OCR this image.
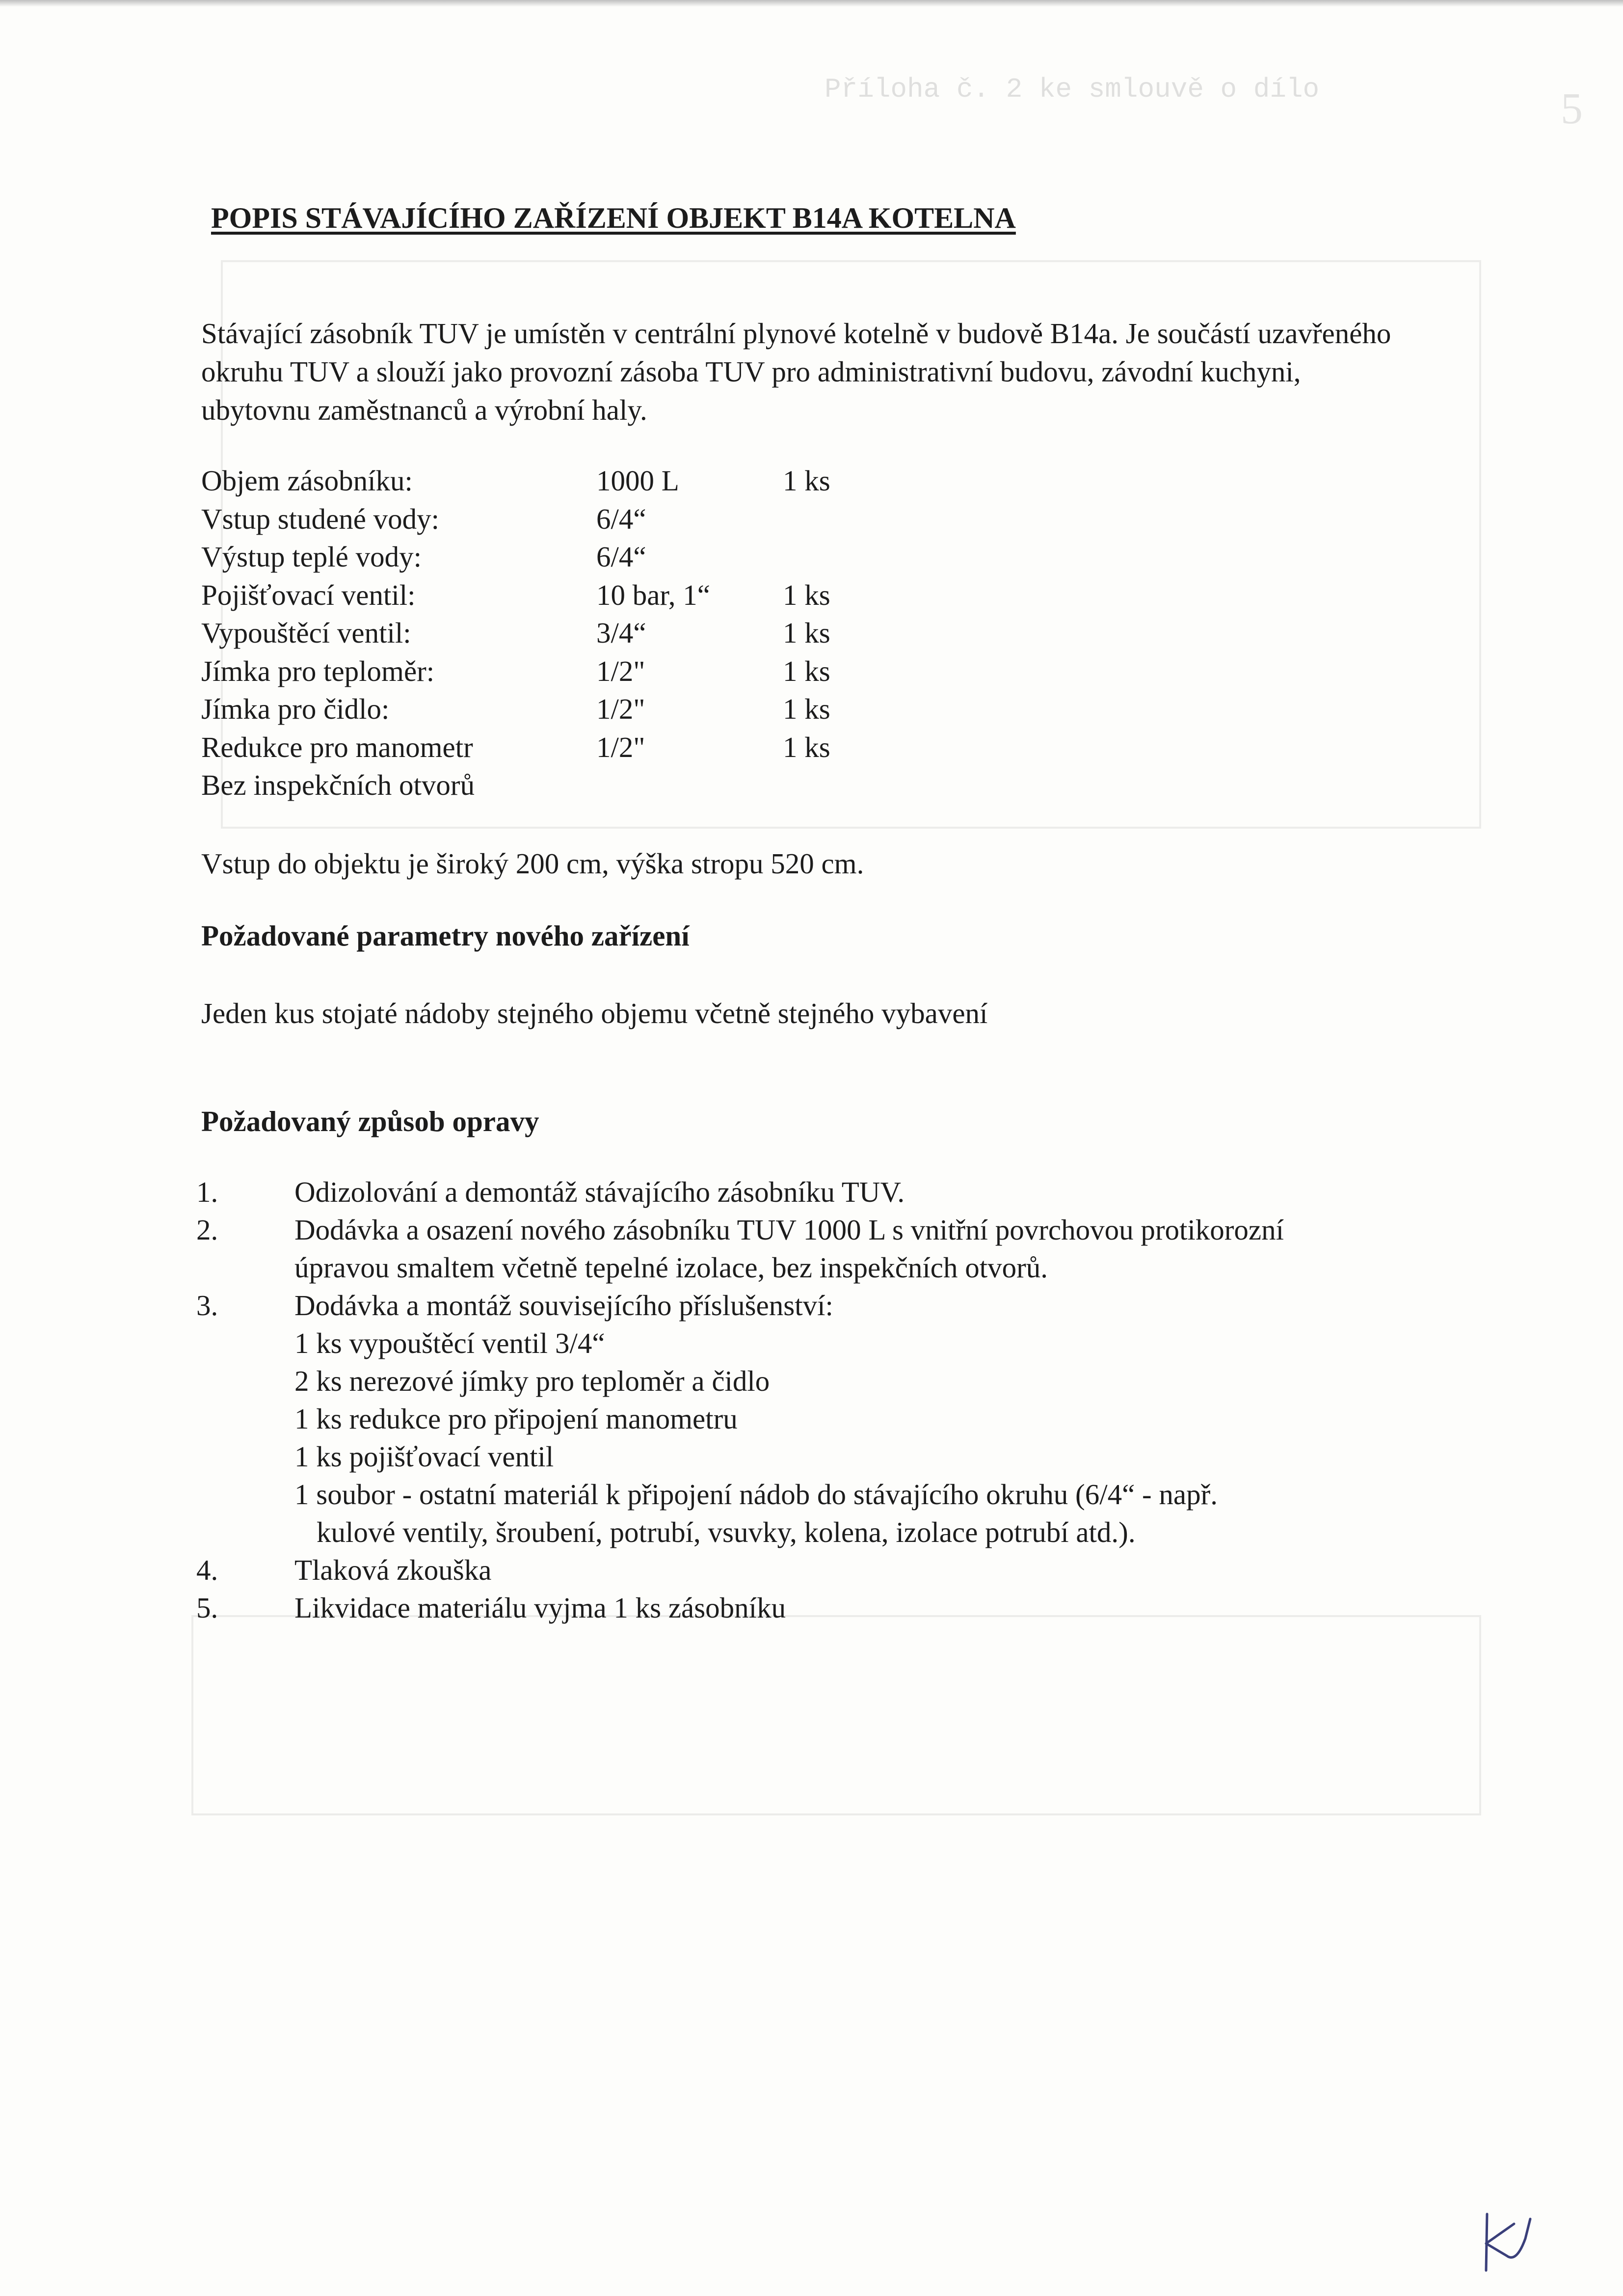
Příloha č. 2 ke smlouvě o dílo	5
POPIS STÁVAJÍCÍHO ZAŘÍZENÍ OBJEKT B14A KOTELNA

Stávající zásobník TUV je umístěn v centrální plynové kotelně v budově B14a. Je součástí uzavřeného okruhu TUV a slouží jako provozní zásoba TUV pro administrativní budovu, závodní kuchyni, ubytovnu zaměstnanců a výrobní haly.

Objem zásobníku:	1000 L	1 ks
Vstup studené vody:	6/4“
Výstup teplé vody:	6/4“
Pojišťovací ventil:	10 bar, 1“	1 ks
Vypouštěcí ventil:	3/4“	1 ks
Jímka pro teploměr:	1/2"	1 ks
Jímka pro čidlo:	1/2"	1 ks
Redukce pro manometr	1/2"	1 ks
Bez inspekčních otvorů

Vstup do objektu je široký 200 cm, výška stropu 520 cm.

Požadované parametry nového zařízení

Jeden kus stojaté nádoby stejného objemu včetně stejného vybavení

Požadovaný způsob opravy
1.	Odizolování a demontáž stávajícího zásobníku TUV.
2.	Dodávka a osazení nového zásobníku TUV 1000 L s vnitřní povrchovou protikorozní
úpravou smaltem včetně tepelné izolace, bez inspekčních otvorů.
3.	Dodávka a montáž souvisejícího příslušenství:
1 ks vypouštěcí ventil 3/4“
2 ks nerezové jímky pro teploměr a čidlo
1 ks redukce pro připojení manometru
1 ks pojišťovací ventil
1 soubor - ostatní materiál k připojení nádob do stávajícího okruhu (6/4“ - např.
kulové ventily, šroubení, potrubí, vsuvky, kolena, izolace potrubí atd.).
4.	Tlaková zkouška
5.	Likvidace materiálu vyjma 1 ks zásobníku
